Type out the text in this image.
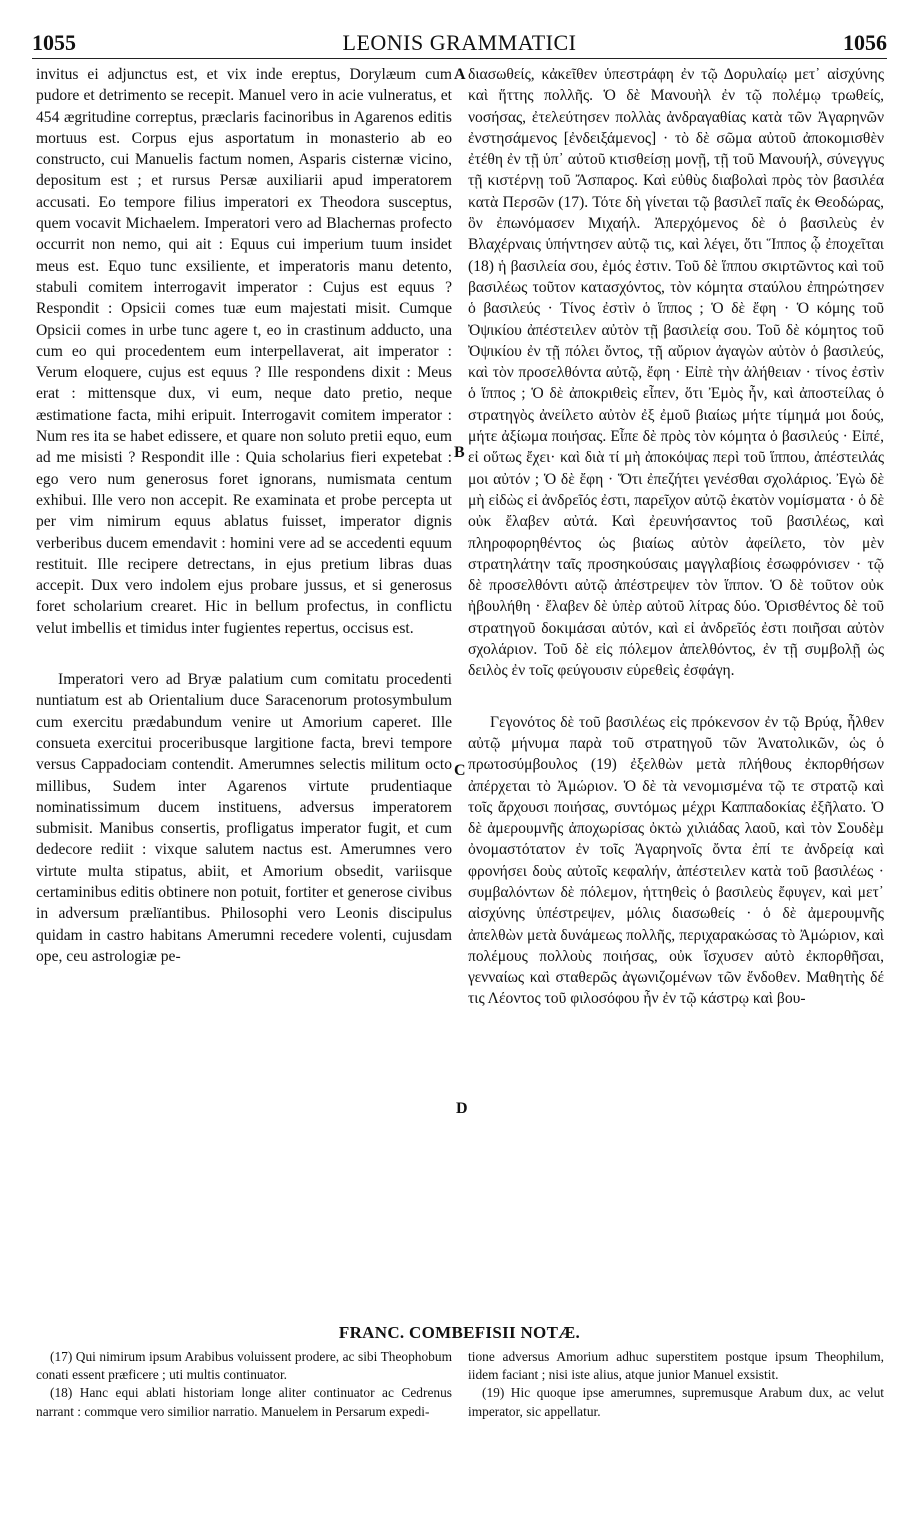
1055	LEONIS GRAMMATICI	1056

invitus ei adjunctus est, et vix inde ereptus, Dorylæum cum pudore et detrimento se recepit. Manuel vero in acie vulneratus, et 454 ægritudine correptus, præclaris facinoribus in Agarenos editis mortuus est. Corpus ejus asportatum in monasterio ab eo constructo, cui Manuelis factum nomen, Asparis cisternæ vicino, depositum est ; et rursus Persæ auxiliarii apud imperatorem accusati. Eo tempore filius imperatori ex Theodora susceptus, quem vocavit Michaelem. Imperatori vero ad Blachernas profecto occurrit non nemo, qui ait : Equus cui imperium tuum insidet meus est. Equo tunc exsiliente, et imperatoris manu detento, stabuli comitem interrogavit imperator : Cujus est equus ? Respondit : Opsicii comes tuæ eum majestati misit. Cumque Opsicii comes in urbe tunc agere t, eo in crastinum adducto, una cum eo qui procedentem eum interpellaverat, ait imperator : Verum eloquere, cujus est equus ? Ille respondens dixit : Meus erat : mittensque dux, vi eum, neque dato pretio, neque æstimatione facta, mihi eripuit. Interrogavit comitem imperator : Num res ita se habet edissere, et quare non soluto pretii equo, eum ad me misisti ? Respondit ille : Quia scholarius fieri expetebat : ego vero num generosus foret ignorans, numismata centum exhibui. Ille vero non accepit. Re examinata et probe percepta ut per vim nimirum equus ablatus fuisset, imperator dignis verberibus ducem emendavit : homini vere ad se accedenti equum restituit. Ille recipere detrectans, in ejus pretium libras duas accepit. Dux vero indolem ejus probare jussus, et si generosus foret scholarium crearet. Hic in bellum profectus, in conflictu velut imbellis et timidus inter fugientes repertus, occisus est.

Imperatori vero ad Bryæ palatium cum comitatu procedenti nuntiatum est ab Orientalium duce Saracenorum protosymbulum cum exercitu prædabundum venire ut Amorium caperet. Ille consueta exercitui proceribusque largitione facta, brevi tempore versus Cappadociam contendit. Amerumnes selectis militum octo millibus, Sudem inter Agarenos virtute prudentiaque nominatissimum ducem instituens, adversus imperatorem submisit. Manibus consertis, profligatus imperator fugit, et cum dedecore rediit : vixque salutem nactus est. Amerumnes vero virtute multa stipatus, abiit, et Amorium obsedit, variisque certaminibus editis obtinere non potuit, fortiter et generose civibus in adversum prælïantibus. Philosophi vero Leonis discipulus quidam in castro habitans Amerumni recedere volenti, cujusdam ope, ceu astrologiæ pe-

A
B
C
D

διασωθείς, κἀκεῖθεν ὑπεστράφη ἐν τῷ Δορυλαίῳ μετ᾽ αἰσχύνης καὶ ἥττης πολλῆς. Ὁ δὲ Μανουὴλ ἐν τῷ πολέμῳ τρωθείς, νοσήσας, ἐτελεύτησεν πολλὰς ἀνδραγαθίας κατὰ τῶν Ἀγαρηνῶν ἐνστησάμενος [ἐνδειξάμενος] · τὸ δὲ σῶμα αὐτοῦ ἀποκομισθὲν ἐτέθη ἐν τῇ ὑπ᾽ αὐτοῦ κτισθείσῃ μονῇ, τῇ τοῦ Μανουήλ, σύνεγγυς τῇ κιστέρνῃ τοῦ Ἄσπαρος. Καὶ εὐθὺς διαβολαὶ πρὸς τὸν βασιλέα κατὰ Περσῶν (17). Τότε δὴ γίνεται τῷ βασιλεῖ παῖς ἐκ Θεοδώρας, ὃν ἐπωνόμασεν Μιχαήλ. Ἀπερχόμενος δὲ ὁ βασιλεὺς ἐν Βλαχέρναις ὑπήντησεν αὐτῷ τις, καὶ λέγει, ὅτι Ἵππος ᾧ ἐποχεῖται (18) ἡ βασιλεία σου, ἐμός ἐστιν. Τοῦ δὲ ἵππου σκιρτῶντος καὶ τοῦ βασιλέως τοῦτον κατασχόντος, τὸν κόμητα σταύλου ἐπηρώτησεν ὁ βασιλεύς · Τίνος ἐστὶν ὁ ἵππος ; Ὁ δὲ ἔφη · Ὁ κόμης τοῦ Ὀψικίου ἀπέστειλεν αὐτὸν τῇ βασιλείᾳ σου. Τοῦ δὲ κόμητος τοῦ Ὀψικίου ἐν τῇ πόλει ὄντος, τῇ αὔριον ἀγαγὼν αὐτὸν ὁ βασιλεύς, καὶ τὸν προσελθόντα αὐτῷ, ἔφη · Εἰπὲ τὴν ἀλήθειαν · τίνος ἐστὶν ὁ ἵππος ; Ὁ δὲ ἀποκριθεὶς εἶπεν, ὅτι Ἐμὸς ἦν, καὶ ἀποστείλας ὁ στρατηγὸς ἀνείλετο αὐτὸν ἐξ ἐμοῦ βιαίως μήτε τίμημά μοι δούς, μήτε ἀξίωμα ποιήσας. Εἶπε δὲ πρὸς τὸν κόμητα ὁ βασιλεύς · Εἰπέ, εἰ οὕτως ἔχει· καὶ διὰ τί μὴ ἀποκόψας περὶ τοῦ ἵππου, ἀπέστειλάς μοι αὐτόν ; Ὁ δὲ ἔφη · Ὅτι ἐπεζήτει γενέσθαι σχολάριος. Ἐγὼ δὲ μὴ εἰδὼς εἰ ἀνδρεῖός ἐστι, παρεῖχον αὐτῷ ἑκατὸν νομίσματα · ὁ δὲ οὐκ ἔλαβεν αὐτά. Καὶ ἐρευνήσαντος τοῦ βασιλέως, καὶ πληροφορηθέντος ὡς βιαίως αὐτὸν ἀφείλετο, τὸν μὲν στρατηλάτην ταῖς προσηκούσαις μαγγλαβίοις ἐσωφρόνισεν · τῷ δὲ προσελθόντι αὐτῷ ἀπέστρεψεν τὸν ἵππον. Ὁ δὲ τοῦτον οὐκ ἠβουλήθη · ἔλαβεν δὲ ὑπὲρ αὐτοῦ λίτρας δύο. Ὁρισθέντος δὲ τοῦ στρατηγοῦ δοκιμάσαι αὐτόν, καὶ εἰ ἀνδρεῖός ἐστι ποιῆσαι αὐτὸν σχολάριον. Τοῦ δὲ εἰς πόλεμον ἀπελθόντος, ἐν τῇ συμβολῇ ὡς δειλὸς ἐν τοῖς φεύγουσιν εὑρεθεὶς ἐσφάγη.

Γεγονότος δὲ τοῦ βασιλέως εἰς πρόκενσον ἐν τῷ Βρύᾳ, ἦλθεν αὐτῷ μήνυμα παρὰ τοῦ στρατηγοῦ τῶν Ἀνατολικῶν, ὡς ὁ πρωτοσύμβουλος (19) ἐξελθὼν μετὰ πλήθους ἐκπορθήσων ἀπέρχεται τὸ Ἀμώριον. Ὁ δὲ τὰ νενομισμένα τῷ τε στρατῷ καὶ τοῖς ἄρχουσι ποιήσας, συντόμως μέχρι Καππαδοκίας ἐξῆλατο. Ὁ δὲ ἀμερουμνῆς ἀποχωρίσας ὀκτὼ χιλιάδας λαοῦ, καὶ τὸν Σουδὲμ ὀνομαστότατον ἐν τοῖς Ἀγαρηνοῖς ὄντα ἐπί τε ἀνδρείᾳ καὶ φρονήσει δοὺς αὐτοῖς κεφαλήν, ἀπέστειλεν κατὰ τοῦ βασιλέως · συμβαλόντων δὲ πόλεμον, ἡττηθεὶς ὁ βασιλεὺς ἔφυγεν, καὶ μετ᾽ αἰσχύνης ὑπέστρεψεν, μόλις διασωθείς · ὁ δὲ ἀμερουμνῆς ἀπελθὼν μετὰ δυνάμεως πολλῆς, περιχαρακώσας τὸ Ἀμώριον, καὶ πολέμους πολλοὺς ποιήσας, οὐκ ἴσχυσεν αὐτὸ ἐκπορθῆσαι, γενναίως καὶ σταθερῶς ἀγωνιζομένων τῶν ἔνδοθεν. Μαθητὴς δέ τις Λέοντος τοῦ φιλοσόφου ἦν ἐν τῷ κάστρῳ καὶ βου-

FRANC. COMBEFISII NOTÆ.

(17) Qui nimirum ipsum Arabibus voluissent prodere, ac sibi Theophobum conati essent præficere ; uti multis continuator.

(18) Hanc equi ablati historiam longe aliter continuator ac Cedrenus narrant : commque vero similior narratio. Manuelem in Persarum expedi-

tione adversus Amorium adhuc superstitem postque ipsum Theophilum, iidem faciant ; nisi iste alius, atque junior Manuel exsistit.

(19) Hic quoque ipse amerumnes, supremusque Arabum dux, ac velut imperator, sic appellatur.
